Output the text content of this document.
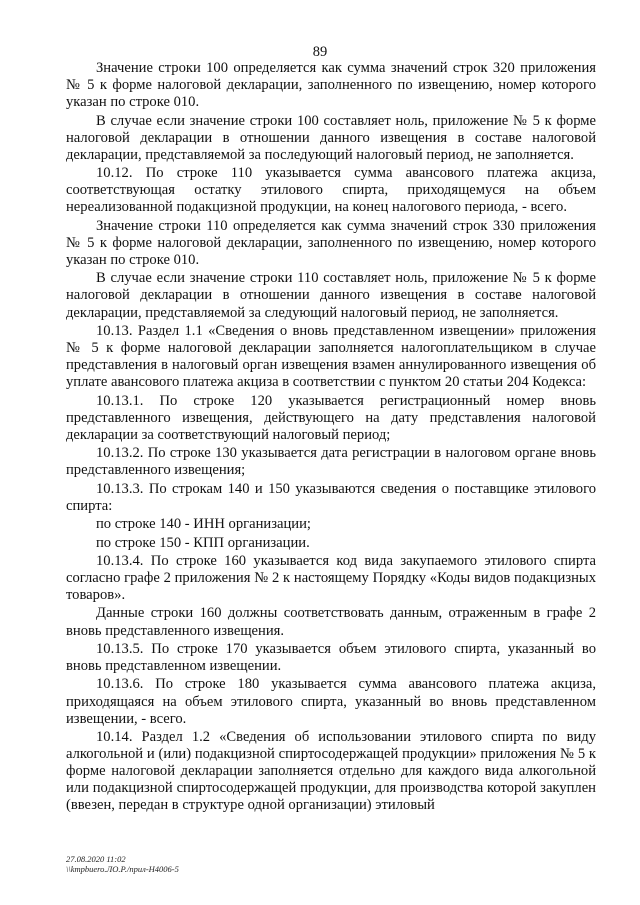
89

Значение строки 100 определяется как сумма значений строк 320 приложения № 5 к форме налоговой декларации, заполненного по извещению, номер которого указан по строке 010.

В случае если значение строки 100 составляет ноль, приложение № 5 к форме налоговой декларации в отношении данного извещения в составе налоговой декларации, представляемой за последующий налоговый период, не заполняется.

10.12. По строке 110 указывается сумма авансового платежа акциза, соответствующая остатку этилового спирта, приходящемуся на объем нереализованной подакцизной продукции, на конец налогового периода, - всего.

Значение строки 110 определяется как сумма значений строк 330 приложения № 5 к форме налоговой декларации, заполненного по извещению, номер которого указан по строке 010.

В случае если значение строки 110 составляет ноль, приложение № 5 к форме налоговой декларации в отношении данного извещения в составе налоговой декларации, представляемой за следующий налоговый период, не заполняется.

10.13. Раздел 1.1 «Сведения о вновь представленном извещении» приложения № 5 к форме налоговой декларации заполняется налогоплательщиком в случае представления в налоговый орган извещения взамен аннулированного извещения об уплате авансового платежа акциза в соответствии с пунктом 20 статьи 204 Кодекса:

10.13.1. По строке 120 указывается регистрационный номер вновь представленного извещения, действующего на дату представления налоговой декларации за соответствующий налоговый период;

10.13.2. По строке 130 указывается дата регистрации в налоговом органе вновь представленного извещения;

10.13.3. По строкам 140 и 150 указываются сведения о поставщике этилового спирта:

по строке 140 - ИНН организации;

по строке 150 - КПП организации.

10.13.4. По строке 160 указывается код вида закупаемого этилового спирта согласно графе 2 приложения № 2 к настоящему Порядку «Коды видов подакцизных товаров».

Данные строки 160 должны соответствовать данным, отраженным в графе 2 вновь представленного извещения.

10.13.5. По строке 170 указывается объем этилового спирта, указанный во вновь представленном извещении.

10.13.6. По строке 180 указывается сумма авансового платежа акциза, приходящаяся на объем этилового спирта, указанный во вновь представленном извещении, - всего.

10.14. Раздел 1.2 «Сведения об использовании этилового спирта по виду алкогольной и (или) подакцизной спиртосодержащей продукции» приложения № 5 к форме налоговой декларации заполняется отдельно для каждого вида алкогольной или подакцизной спиртосодержащей продукции, для производства которой закуплен (ввезен, передан в структуре одной организации) этиловый

27.08.2020 11:02
\\kmpbuero.ЛО.Р./прил-Н4006-5
